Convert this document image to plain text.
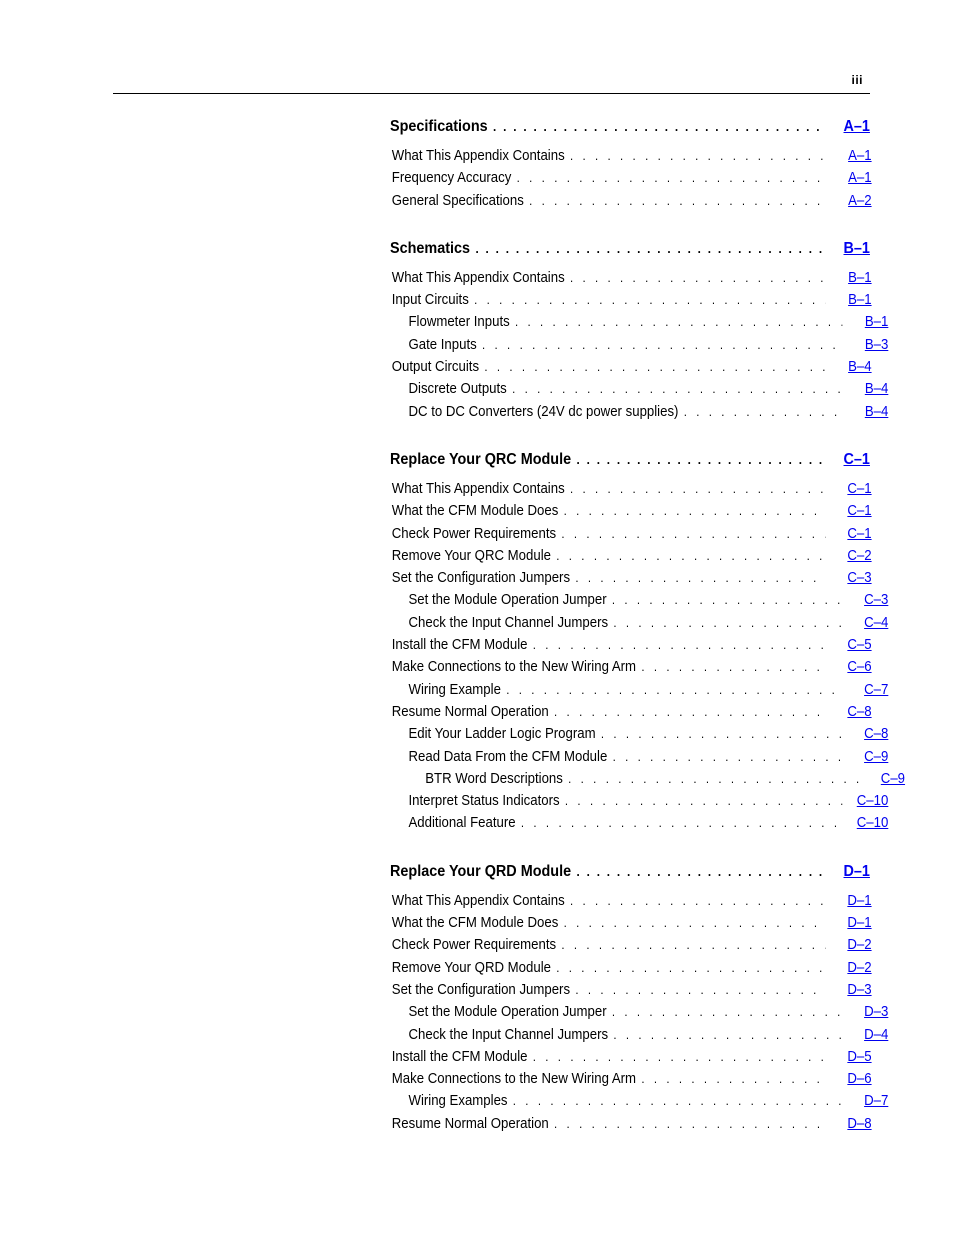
iii
Specifications . . .	A–1
What This Appendix Contains . . .	A–1
Frequency Accuracy . . .	A–1
General Specifications . . .	A–2
Schematics . . .	B–1
What This Appendix Contains . . .	B–1
Input Circuits . . .	B–1
Flowmeter Inputs . . .	B–1
Gate Inputs . . .	B–3
Output Circuits . . .	B–4
Discrete Outputs . . .	B–4
DC to DC Converters (24V dc power supplies) . . .	B–4
Replace Your QRC Module . . .	C–1
What This Appendix Contains . . .	C–1
What the CFM Module Does . . .	C–1
Check Power Requirements . . .	C–1
Remove Your QRC Module . . .	C–2
Set the Configuration Jumpers . . .	C–3
Set the Module Operation Jumper . . .	C–3
Check the Input Channel Jumpers . . .	C–4
Install the CFM Module . . .	C–5
Make Connections to the New Wiring Arm . . .	C–6
Wiring Example . . .	C–7
Resume Normal Operation . . .	C–8
Edit Your Ladder Logic Program . . .	C–8
Read Data From the CFM Module . . .	C–9
BTR Word Descriptions . . .	C–9
Interpret Status Indicators . . .	C–10
Additional Feature . . .	C–10
Replace Your QRD Module . . .	D–1
What This Appendix Contains . . .	D–1
What the CFM Module Does . . .	D–1
Check Power Requirements . . .	D–2
Remove Your QRD Module . . .	D–2
Set the Configuration Jumpers . . .	D–3
Set the Module Operation Jumper . . .	D–3
Check the Input Channel Jumpers . . .	D–4
Install the CFM Module . . .	D–5
Make Connections to the New Wiring Arm . . .	D–6
Wiring Examples . . .	D–7
Resume Normal Operation . . .	D–8
